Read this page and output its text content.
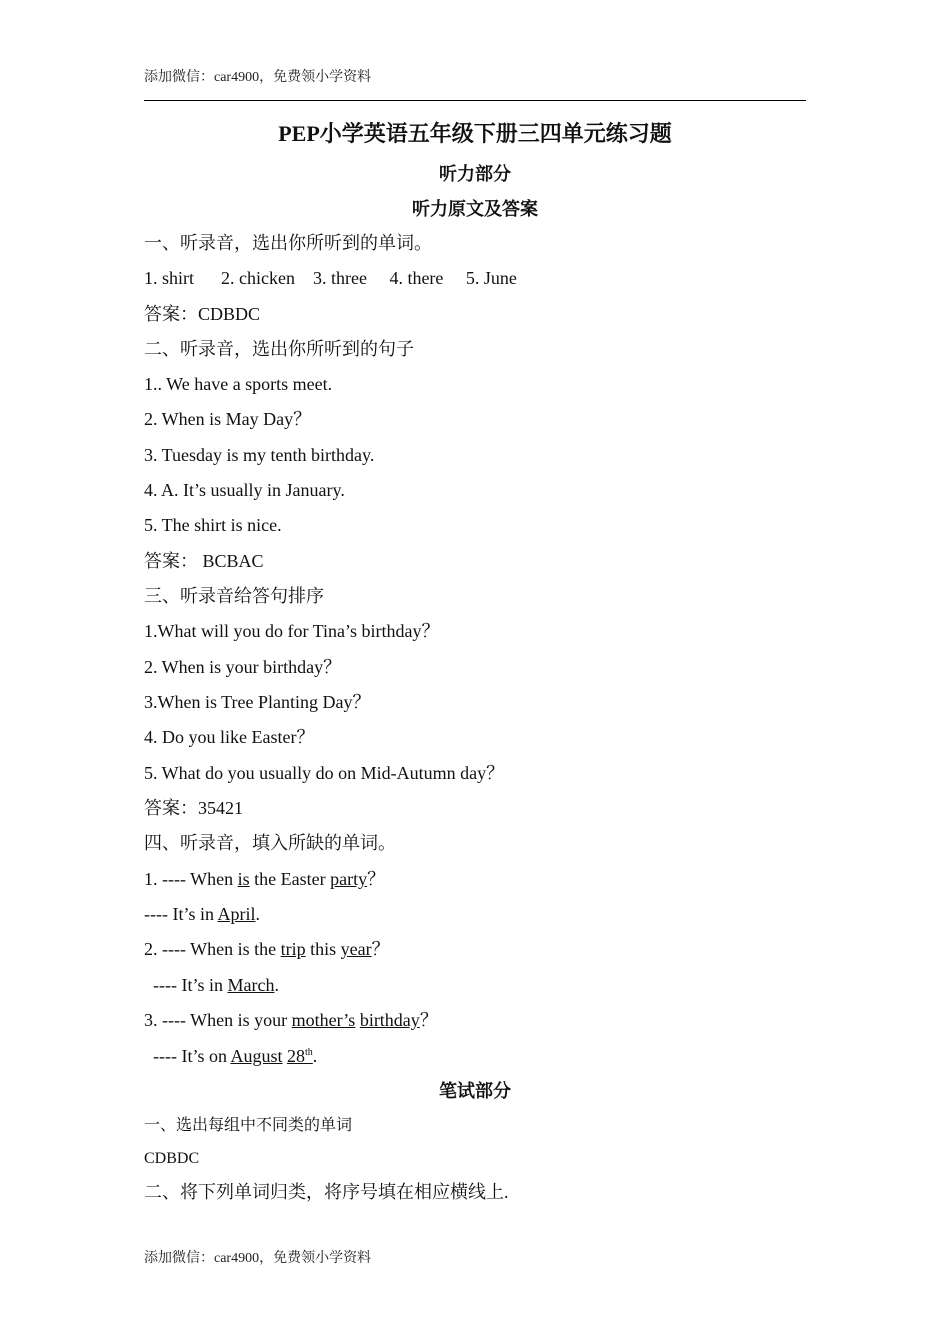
添加微信：car4900，免费领小学资料
PEP小学英语五年级下册三四单元练习题
听力部分
听力原文及答案
一、听录音，选出你所听到的单词。
1. shirt      2. chicken    3. three     4. there     5. June
答案：CDBDC
二、听录音，选出你所听到的句子
1.. We have a sports meet.
2. When is May Day？
3. Tuesday is my tenth birthday.
4. A. It’s usually in January.
5. The shirt is nice.
答案： BCBAC
三、听录音给答句排序
1.What will you do for Tina’s birthday？
2. When is your birthday？
3.When is Tree Planting Day？
4. Do you like Easter？
5. What do you usually do on Mid-Autumn day？
答案：35421
四、听录音，填入所缺的单词。
1. ---- When is the Easter party？
---- It’s in April.
2. ---- When is the trip this year？
---- It’s in March.
3. ---- When is your mother’s birthday？
---- It’s on August 28th.
笔试部分
一、选出每组中不同类的单词
CDBDC
二、将下列单词归类，将序号填在相应横线上.
添加微信：car4900，免费领小学资料
